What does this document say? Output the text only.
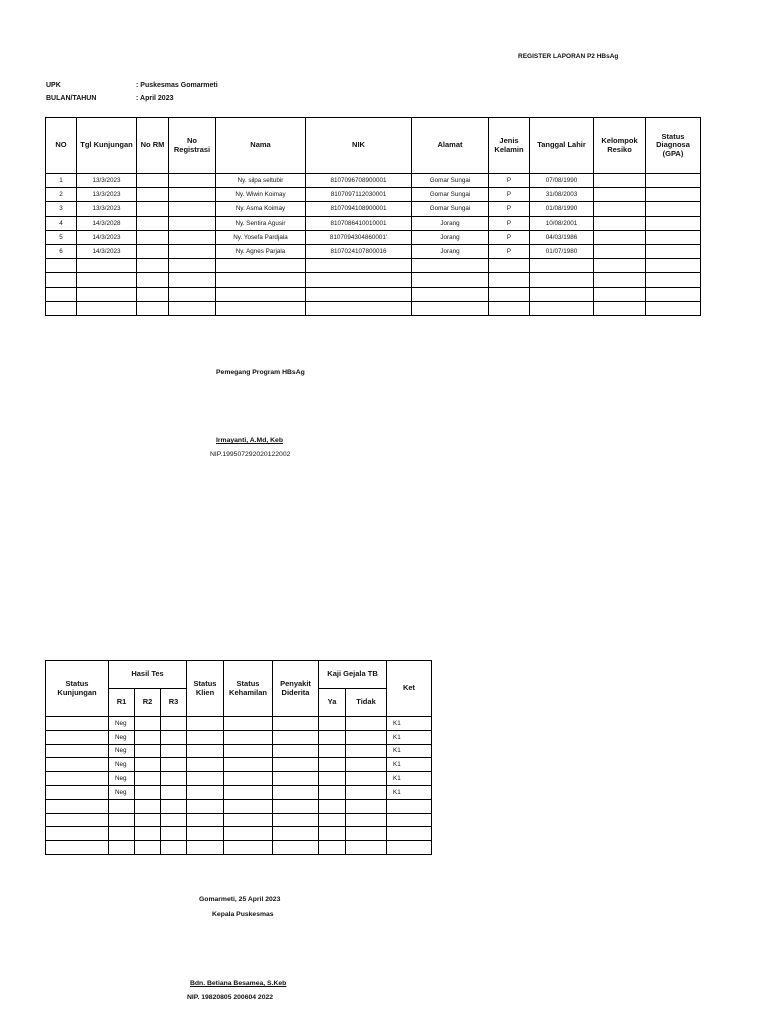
REGISTER LAPORAN P2 HBsAg
UPK	: Puskesmas Gomarmeti
BULAN/TAHUN	: April 2023
NO	Tgl Kunjungan	No RM	No Registrasi	Nama	NIK	Alamat	Jenis Kelamin	Tanggal Lahir	Kelompok Resiko	Status Diagnosa (GPA)
1	13/3/2023			Ny. silpa seltubir	8107096708900001	Gomar Sungai	P	07/08/1990		
2	13/3/2023			Ny. Wiwin Koimay	8107097112030001	Gomar Sungai	P	31/08/2003		
3	13/3/2023			Ny. Asma Koimay	8107094108900001	Gomar Sungai	P	01/08/1990		
4	14/3/2028			Ny. Sentira Agusir	8107086410010001	Jorang	P	10/08/2001		
5	14/3/2023			Ny. Yosefa Pardjala	8107094304860001'	Jorang	P	04/03/1986		
6	14/3/2023			Ny. Agnes Parjala	8107024107800016	Jorang	P	01/07/1980		

Pemegang Program HBsAg
Irmayanti, A.Md, Keb
NIP.199507292020122002
Status Kunjungan	Hasil Tes			Status Klien	Status Kehamilan	Penyakit Diderita	Kaji Gejala TB		Ket
	R1	R2	R3				Ya	Tidak	
	Neg								K1
	Neg								K1
	Neg								K1
	Neg								K1
	Neg								K1
	Neg								K1

Gomarmeti, 25 April 2023
Kepala Puskesmas
Bdn. Betiana Besamea, S.Keb
NIP. 19820805 200604 2022
